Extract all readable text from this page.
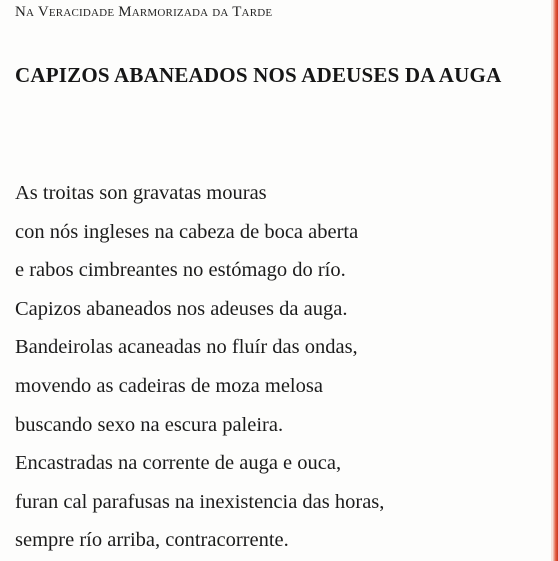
Na Veracidade Marmorizada da Tarde
CAPIZOS ABANEADOS NOS ADEUSES DA AUGA
As troitas son gravatas mouras
con nós ingleses na cabeza de boca aberta
e rabos cimbreantes no estómago do río.
Capizos abaneados nos adeuses da auga.
Bandeirolas acaneadas no fluír das ondas,
movendo as cadeiras de moza melosa
buscando sexo na escura paleira.
Encastradas na corrente de auga e ouca,
furan cal parafusas na inexistencia das horas,
sempre río arriba, contracorrente.
